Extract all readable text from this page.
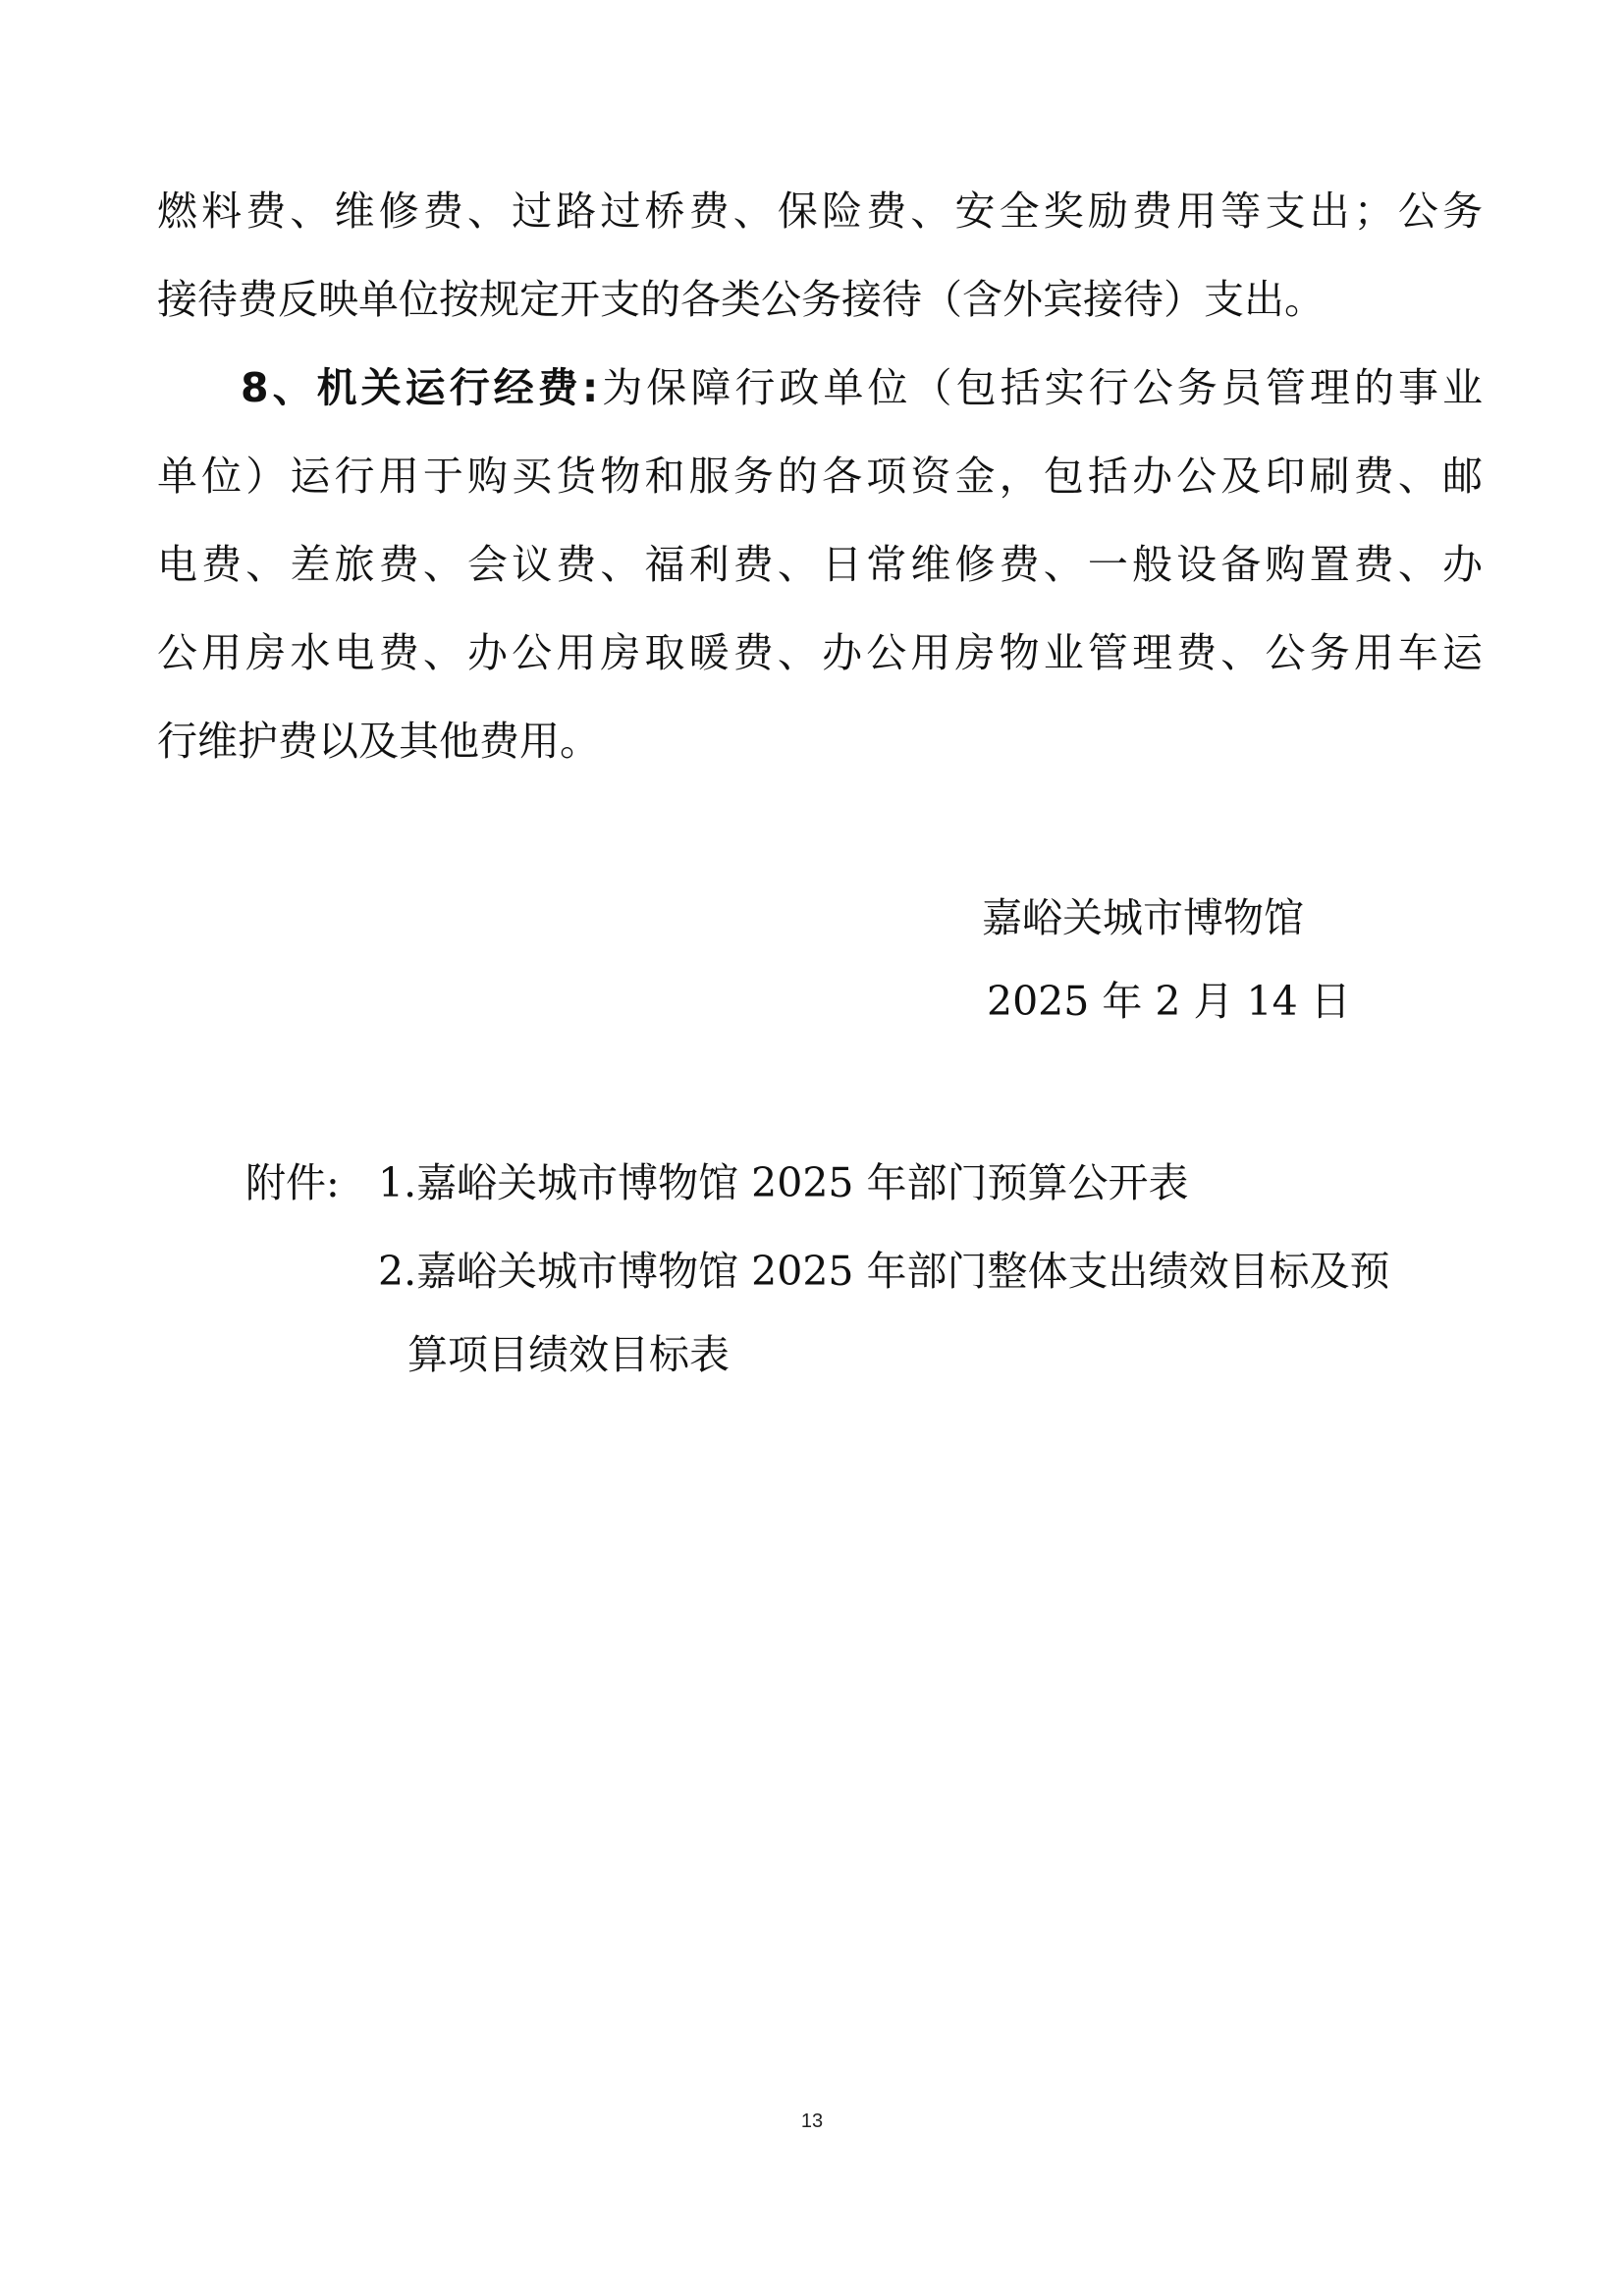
燃料费、维修费、过路过桥费、保险费、安全奖励费用等支出；公务
接待费反映单位按规定开支的各类公务接待（含外宾接待）支出。
8、机关运行经费:为保障行政单位（包括实行公务员管理的事业
单位）运行用于购买货物和服务的各项资金，包括办公及印刷费、邮
电费、差旅费、会议费、福利费、日常维修费、一般设备购置费、办
公用房水电费、办公用房取暖费、办公用房物业管理费、公务用车运
行维护费以及其他费用。
嘉峪关城市博物馆
2025 年 2 月 14 日
附件: 1.嘉峪关城市博物馆 2025 年部门预算公开表
2.嘉峪关城市博物馆 2025 年部门整体支出绩效目标及预
算项目绩效目标表
13
